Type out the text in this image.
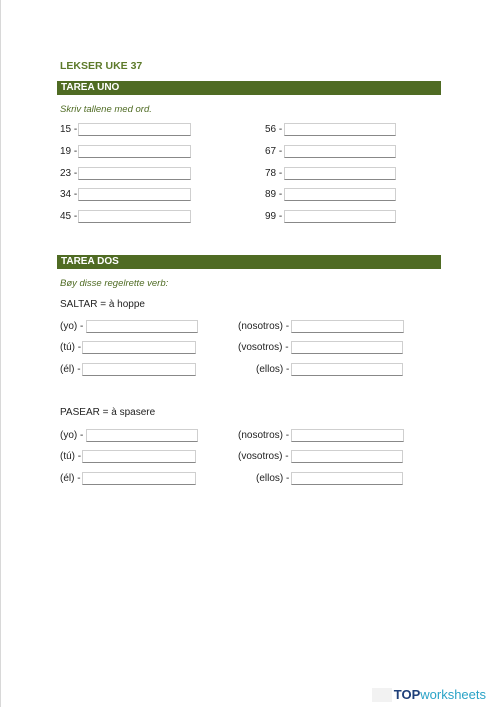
LEKSER UKE 37
TAREA UNO
Skriv tallene med ord.
15 -
19 -
23 -
34 -
45 -
56 -
67 -
78 -
89 -
99 -
TAREA DOS
Bøy disse regelrette verb:
SALTAR = à hoppe
(yo) -
(tú) -
(él) -
(nosotros) -
(vosotros) -
(ellos) -
PASEAR = à spasere
(yo) -
(tú) -
(él) -
(nosotros) -
(vosotros) -
(ellos) -
TOPworksheets
